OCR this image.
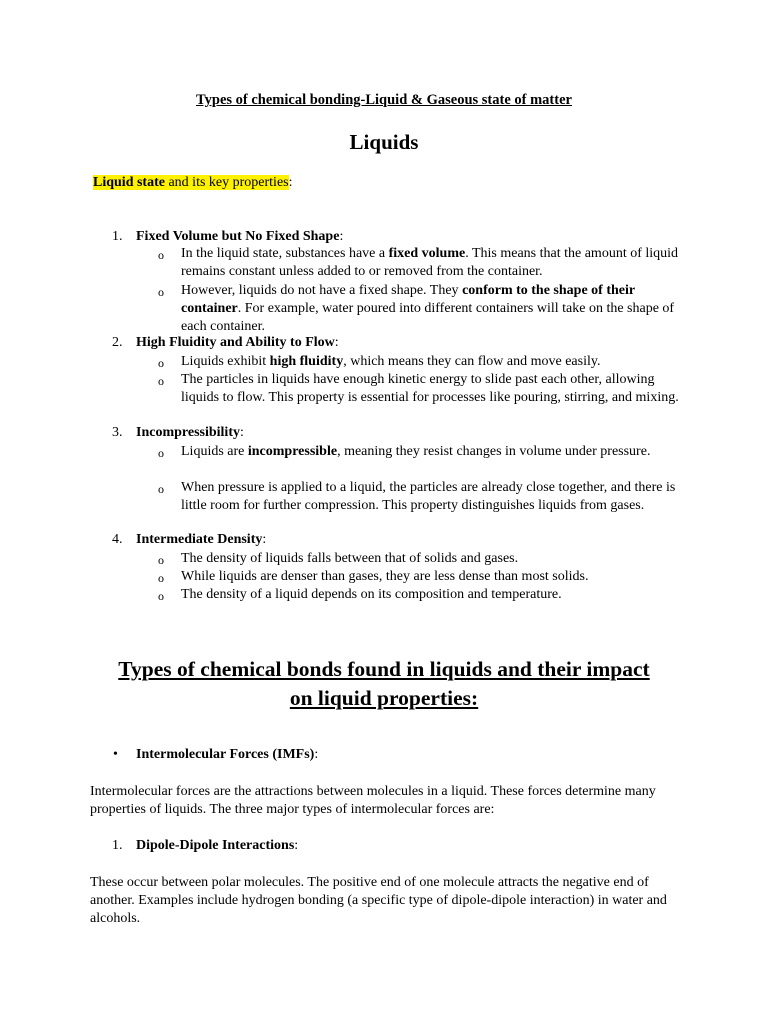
Types of chemical bonding-Liquid & Gaseous state of matter
Liquids
Liquid state and its key properties:
1. Fixed Volume but No Fixed Shape:
o In the liquid state, substances have a fixed volume. This means that the amount of liquid remains constant unless added to or removed from the container.
o However, liquids do not have a fixed shape. They conform to the shape of their container. For example, water poured into different containers will take on the shape of each container.
2. High Fluidity and Ability to Flow:
o Liquids exhibit high fluidity, which means they can flow and move easily.
o The particles in liquids have enough kinetic energy to slide past each other, allowing liquids to flow. This property is essential for processes like pouring, stirring, and mixing.
3. Incompressibility:
o Liquids are incompressible, meaning they resist changes in volume under pressure.
o When pressure is applied to a liquid, the particles are already close together, and there is little room for further compression. This property distinguishes liquids from gases.
4. Intermediate Density:
o The density of liquids falls between that of solids and gases.
o While liquids are denser than gases, they are less dense than most solids.
o The density of a liquid depends on its composition and temperature.
Types of chemical bonds found in liquids and their impact
on liquid properties:
• Intermolecular Forces (IMFs):
Intermolecular forces are the attractions between molecules in a liquid. These forces determine many properties of liquids. The three major types of intermolecular forces are:
1. Dipole-Dipole Interactions:
These occur between polar molecules. The positive end of one molecule attracts the negative end of another. Examples include hydrogen bonding (a specific type of dipole-dipole interaction) in water and alcohols.
